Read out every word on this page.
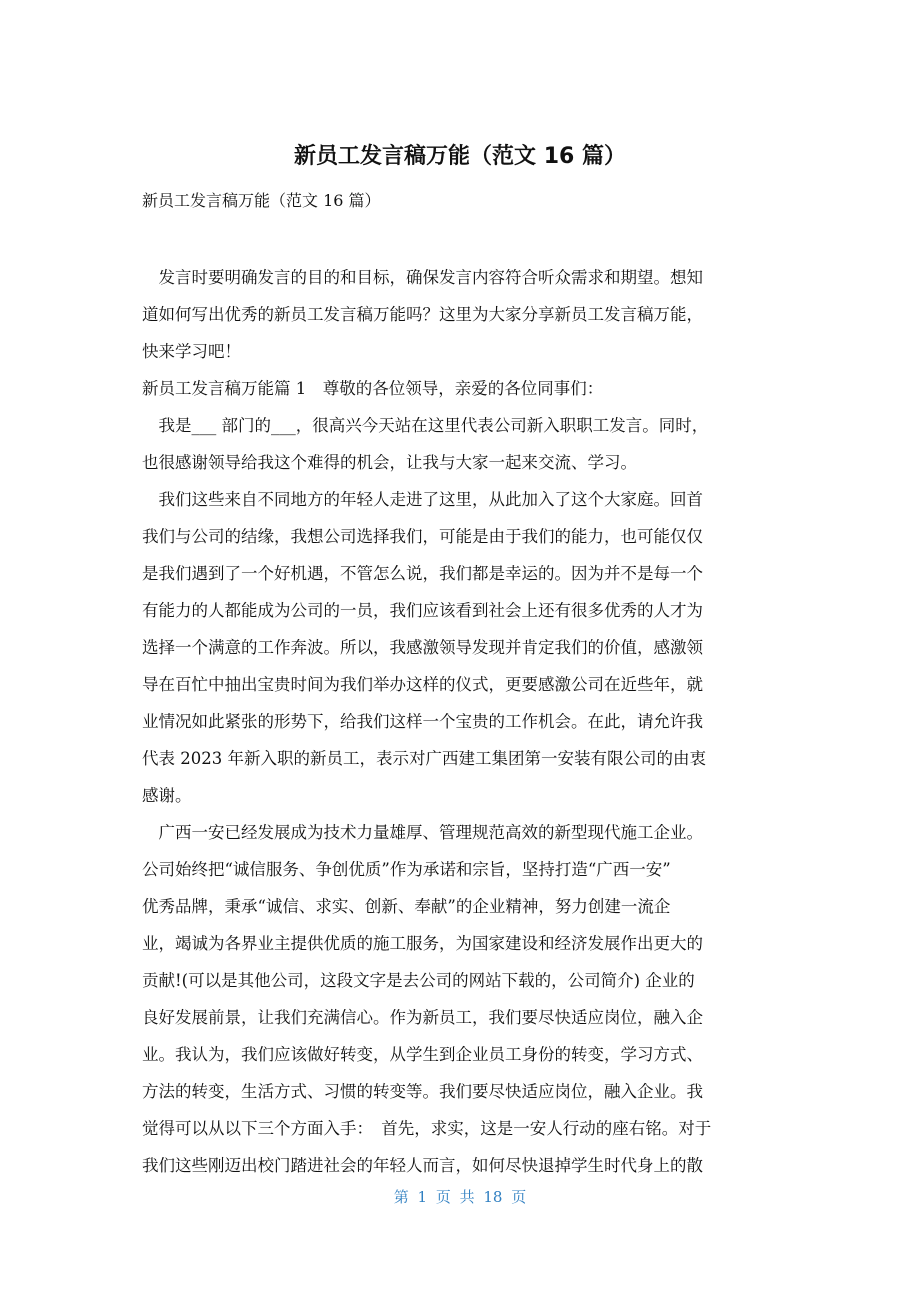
新员工发言稿万能（范文 16 篇）

新员工发言稿万能（范文 16 篇）

　发言时要明确发言的目的和目标，确保发言内容符合听众需求和期望。想知
道如何写出优秀的新员工发言稿万能吗？这里为大家分享新员工发言稿万能，
快来学习吧！
新员工发言稿万能篇 1　尊敬的各位领导，亲爱的各位同事们：
　我是___ 部门的___，很高兴今天站在这里代表公司新入职职工发言。同时，
也很感谢领导给我这个难得的机会，让我与大家一起来交流、学习。
　我们这些来自不同地方的年轻人走进了这里，从此加入了这个大家庭。回首
我们与公司的结缘，我想公司选择我们，可能是由于我们的能力，也可能仅仅
是我们遇到了一个好机遇，不管怎么说，我们都是幸运的。因为并不是每一个
有能力的人都能成为公司的一员，我们应该看到社会上还有很多优秀的人才为
选择一个满意的工作奔波。所以，我感激领导发现并肯定我们的价值，感激领
导在百忙中抽出宝贵时间为我们举办这样的仪式，更要感激公司在近些年，就
业情况如此紧张的形势下，给我们这样一个宝贵的工作机会。在此，请允许我
代表 2023 年新入职的新员工，表示对广西建工集团第一安装有限公司的由衷
感谢。
　广西一安已经发展成为技术力量雄厚、管理规范高效的新型现代施工企业。
公司始终把“诚信服务、争创优质”作为承诺和宗旨，坚持打造“广西一安”
优秀品牌，秉承“诚信、求实、创新、奉献”的企业精神，努力创建一流企
业，竭诚为各界业主提供优质的施工服务，为国家建设和经济发展作出更大的
贡献!(可以是其他公司，这段文字是去公司的网站下载的，公司简介) 企业的
良好发展前景，让我们充满信心。作为新员工，我们要尽快适应岗位，融入企
业。我认为，我们应该做好转变，从学生到企业员工身份的转变，学习方式、
方法的转变，生活方式、习惯的转变等。我们要尽快适应岗位，融入企业。我
觉得可以从以下三个方面入手：　首先，求实，这是一安人行动的座右铭。对于
我们这些刚迈出校门踏进社会的年轻人而言，如何尽快退掉学生时代身上的散
第 1 页 共 18 页
